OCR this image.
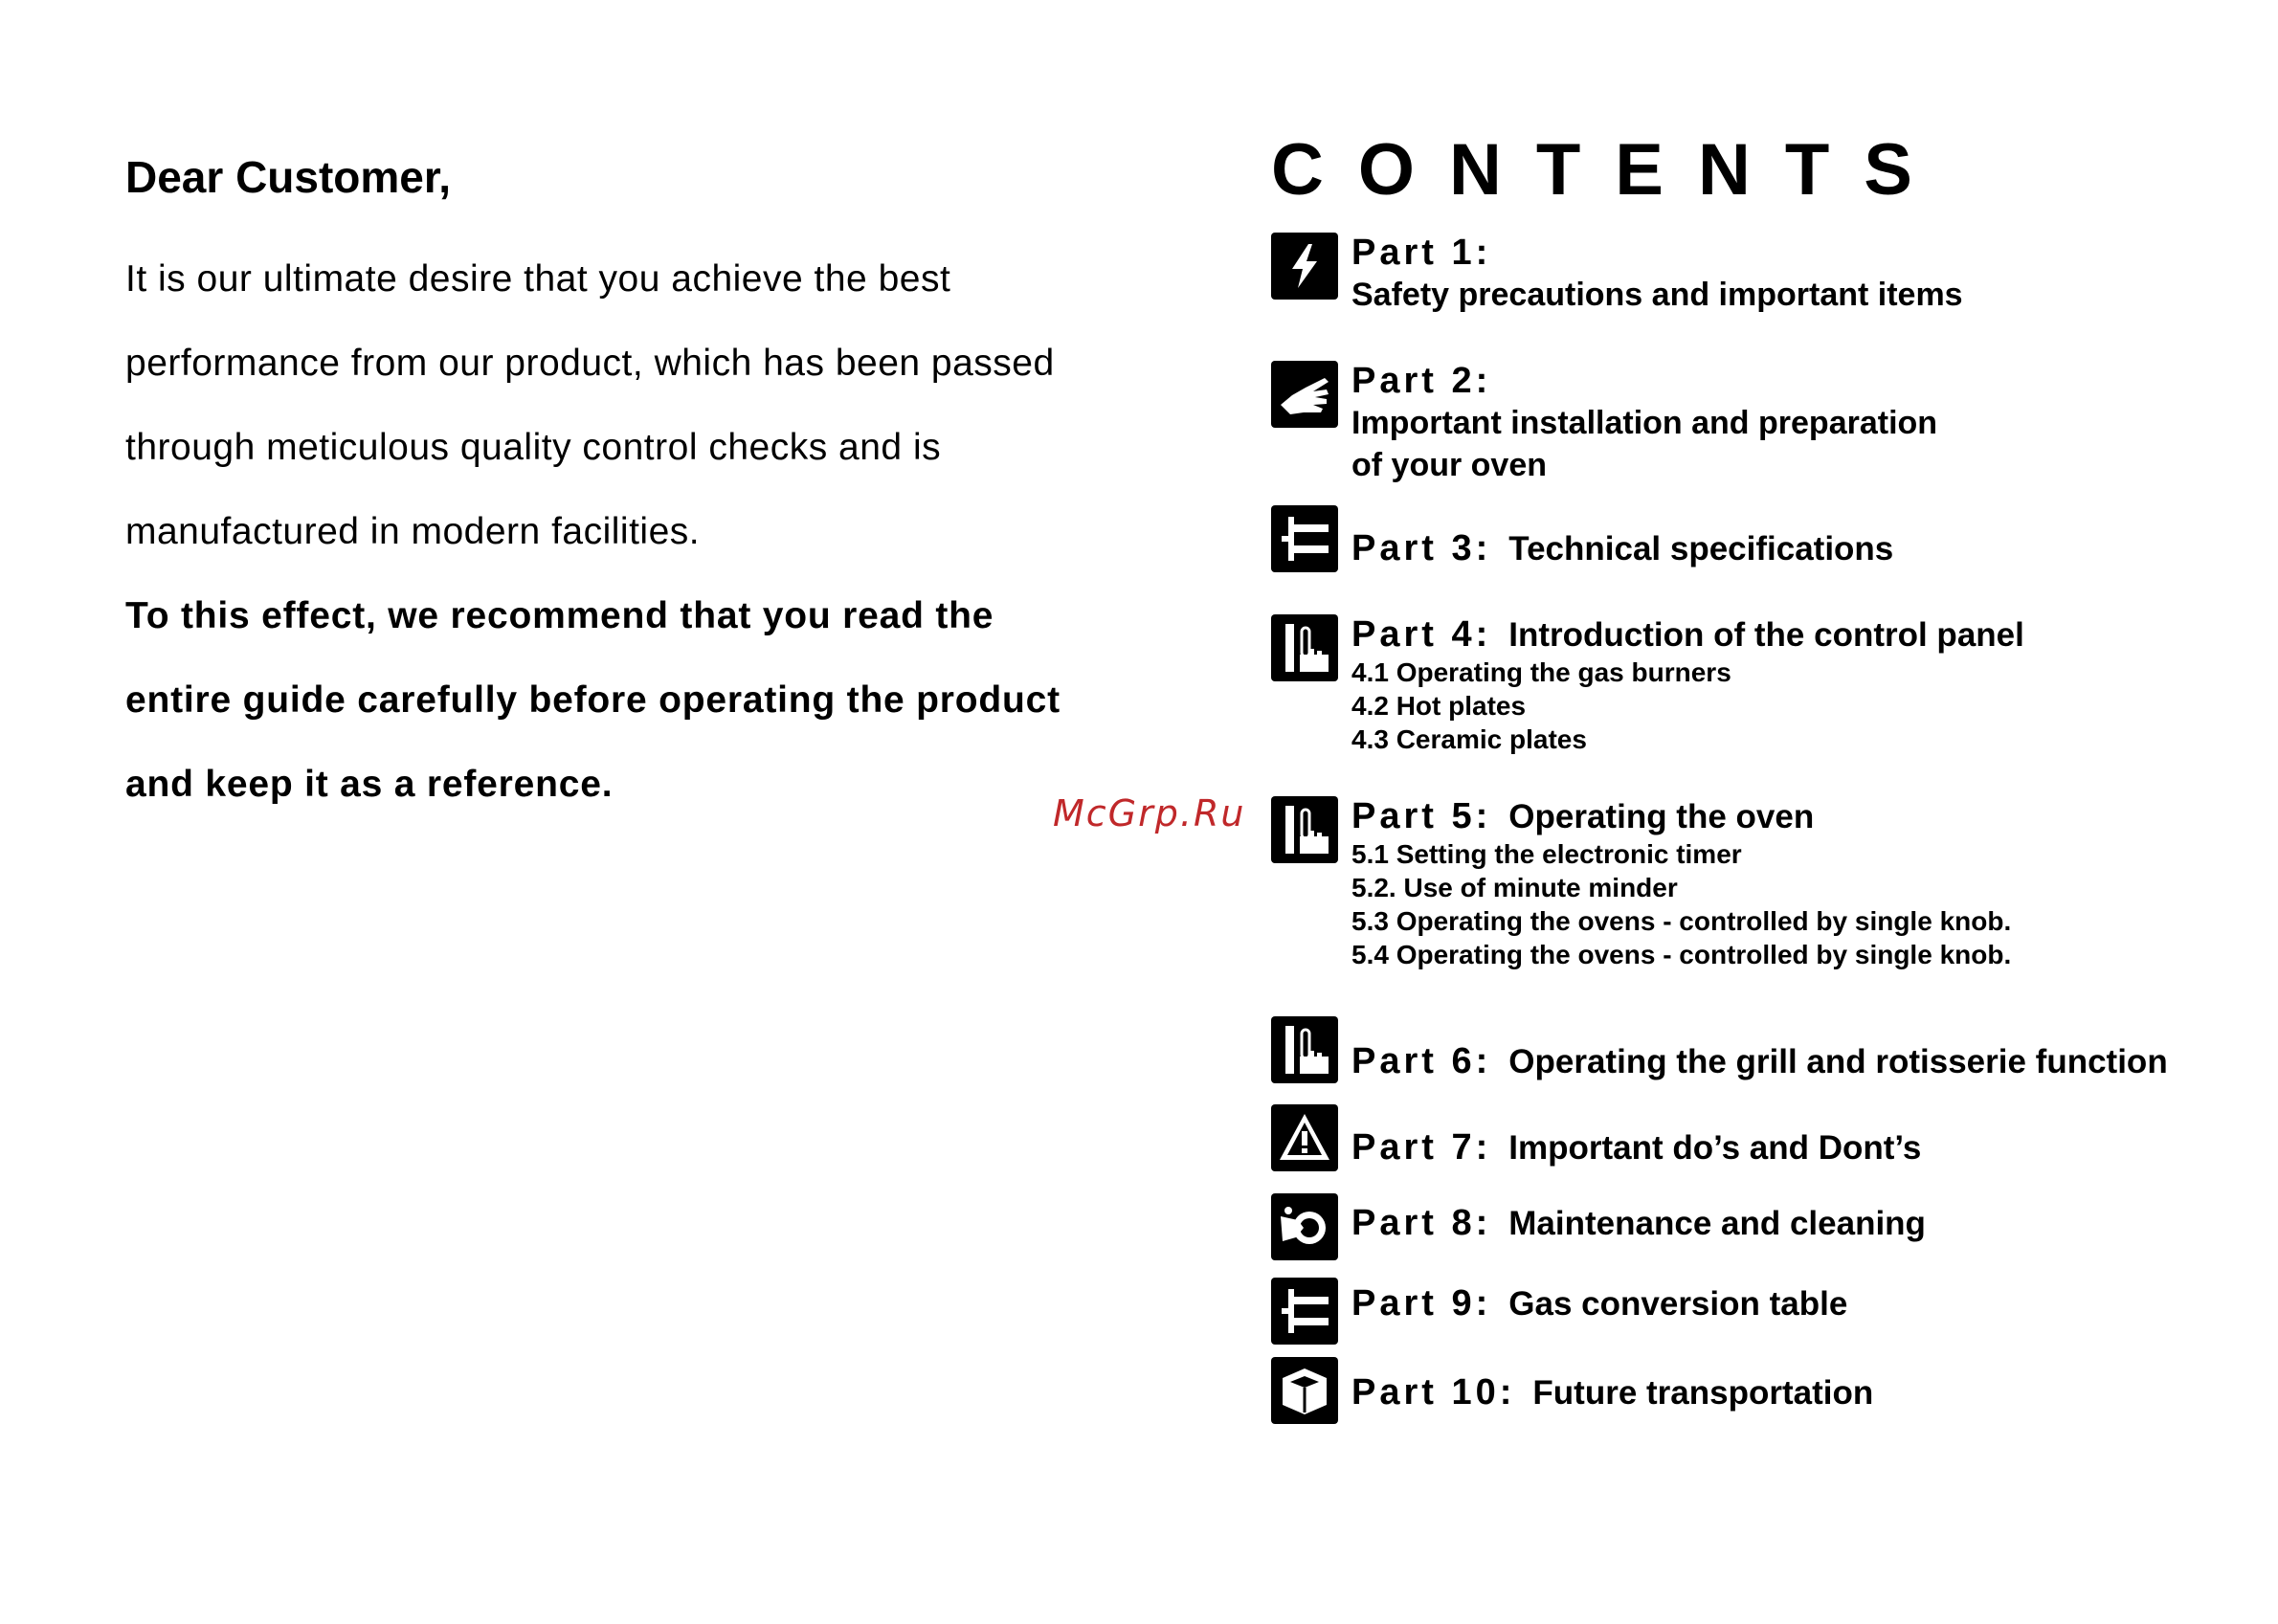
Dear Customer,

It is our ultimate desire that you achieve the best

performance from our product, which has been passed

through meticulous quality control checks and is

manufactured in modern facilities.

To this effect, we recommend that you read the

entire guide carefully before operating the product

and keep it as a reference.

McGrp.Ru
CONTENTS
Part 1:
Safety precautions and important items
Part 2:
Important installation and preparation
of your oven
Part 3: Technical specifications
Part 4: Introduction of the control panel
4.1 Operating the gas burners
4.2 Hot plates
4.3 Ceramic plates
Part 5: Operating the oven
5.1 Setting the electronic timer
5.2. Use of minute minder
5.3 Operating the ovens - controlled by single knob.
5.4 Operating the ovens - controlled by single knob.
Part 6: Operating the grill and rotisserie function
Part 7: Important do’s and Dont’s
Part 8: Maintenance and cleaning
Part 9: Gas conversion table
Part 10: Future transportation
